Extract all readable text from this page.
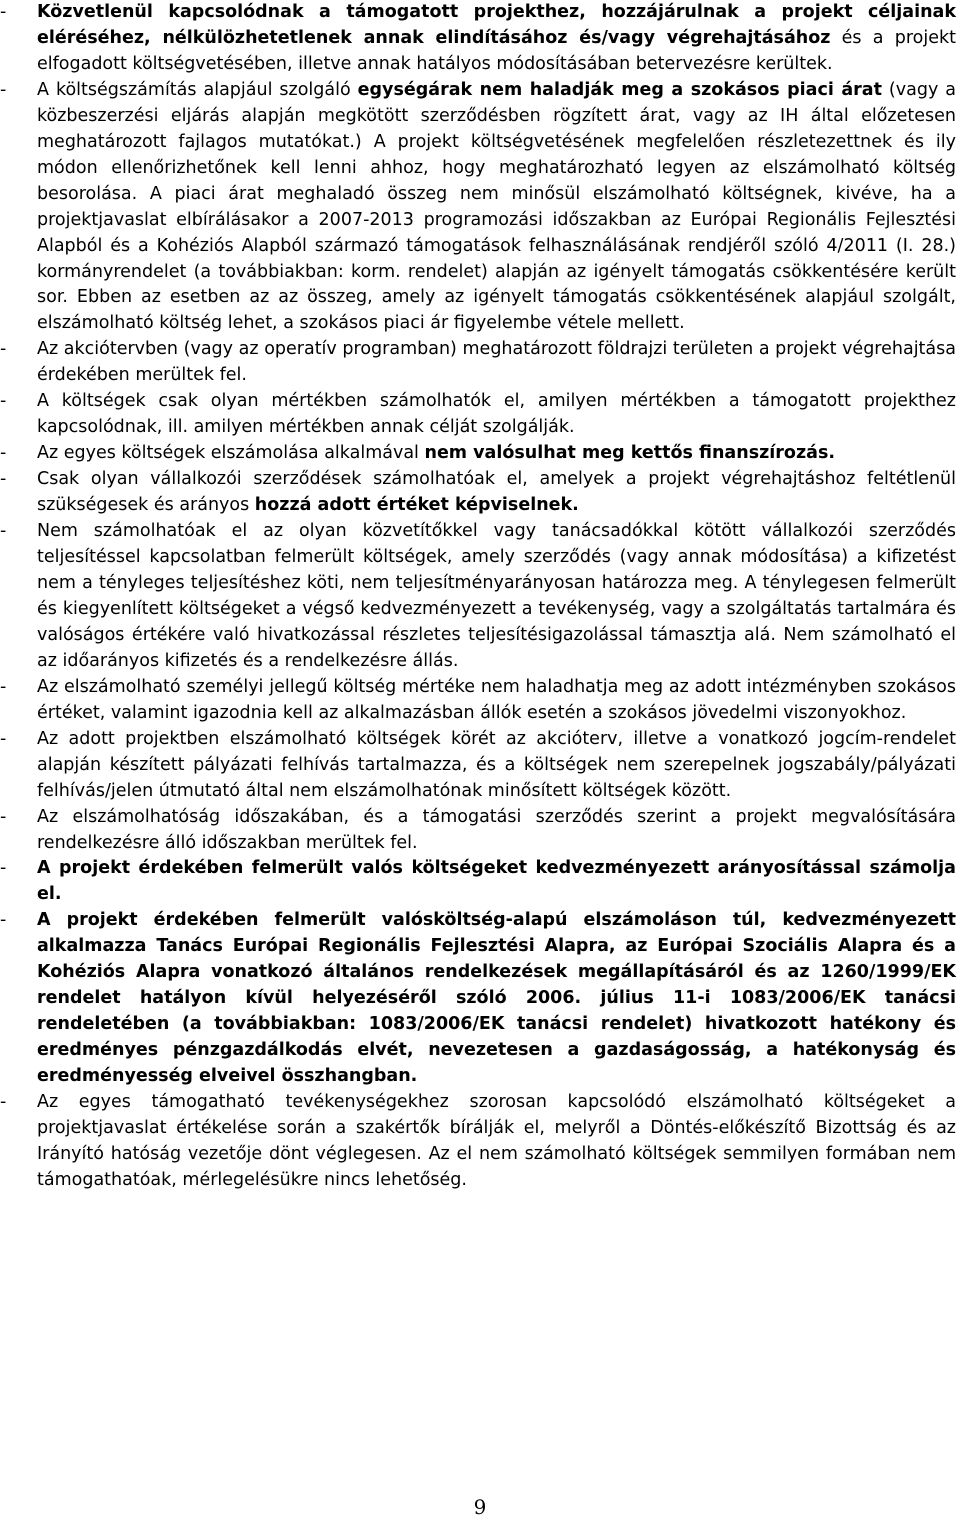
- Közvetlenül kapcsolódnak a támogatott projekthez, hozzájárulnak a projekt céljainak eléréséhez, nélkülözhetetlenek annak elindításához és/vagy végrehajtásához és a projekt elfogadott költségvetésében, illetve annak hatályos módosításában betervezésre kerültek.
- A költségszámítás alapjául szolgáló egységárak nem haladják meg a szokásos piaci árat (vagy a közbeszerzési eljárás alapján megkötött szerződésben rögzített árat, vagy az IH által előzetesen meghatározott fajlagos mutatókat.) A projekt költségvetésének megfelelően részletezettnek és ily módon ellenőrizhetőnek kell lenni ahhoz, hogy meghatározható legyen az elszámolható költség besorolása. A piaci árat meghaladó összeg nem minősül elszámolható költségnek, kivéve, ha a projektjavaslat elbírálásakor a 2007-2013 programozási időszakban az Európai Regionális Fejlesztési Alapból és a Kohéziós Alapból származó támogatások felhasználásának rendjéről szóló 4/2011 (I. 28.) kormányrendelet (a továbbiakban: korm. rendelet) alapján az igényelt támogatás csökkentésére került sor. Ebben az esetben az az összeg, amely az igényelt támogatás csökkentésének alapjául szolgált, elszámolható költség lehet, a szokásos piaci ár figyelembe vétele mellett.
- Az akciótervben (vagy az operatív programban) meghatározott földrajzi területen a projekt végrehajtása érdekében merültek fel.
- A költségek csak olyan mértékben számolhatók el, amilyen mértékben a támogatott projekthez kapcsolódnak, ill. amilyen mértékben annak célját szolgálják.
- Az egyes költségek elszámolása alkalmával nem valósulhat meg kettős finanszírozás.
- Csak olyan vállalkozói szerződések számolhatóak el, amelyek a projekt végrehajtáshoz feltétlenül szükségesek és arányos hozzá adott értéket képviselnek.
- Nem számolhatóak el az olyan közvetítőkkel vagy tanácsadókkal kötött vállalkozói szerződés teljesítéssel kapcsolatban felmerült költségek, amely szerződés (vagy annak módosítása) a kifizetést nem a tényleges teljesítéshez köti, nem teljesítményarányosan határozza meg. A ténylegesen felmerült és kiegyenlített költségeket a végső kedvezményezett a tevékenység, vagy a szolgáltatás tartalmára és valóságos értékére való hivatkozással részletes teljesítésigazolással támasztja alá. Nem számolható el az időarányos kifizetés és a rendelkezésre állás.
- Az elszámolható személyi jellegű költség mértéke nem haladhatja meg az adott intézményben szokásos értéket, valamint igazodnia kell az alkalmazásban állók esetén a szokásos jövedelmi viszonyokhoz.
- Az adott projektben elszámolható költségek körét az akcióterv, illetve a vonatkozó jogcím-rendelet alapján készített pályázati felhívás tartalmazza, és a költségek nem szerepelnek jogszabály/pályázati felhívás/jelen útmutató által nem elszámolhatónak minősített költségek között.
- Az elszámolhatóság időszakában, és a támogatási szerződés szerint a projekt megvalósítására rendelkezésre álló időszakban merültek fel.
- A projekt érdekében felmerült valós költségeket kedvezményezett arányosítással számolja el.
- A projekt érdekében felmerült valósköltség-alapú elszámoláson túl, kedvezményezett alkalmazza Tanács Európai Regionális Fejlesztési Alapra, az Európai Szociális Alapra és a Kohéziós Alapra vonatkozó általános rendelkezések megállapításáról és az 1260/1999/EK rendelet hatályon kívül helyezéséről szóló 2006. július 11-i 1083/2006/EK tanácsi rendeletében (a továbbiakban: 1083/2006/EK tanácsi rendelet) hivatkozott hatékony és eredményes pénzgazdálkodás elvét, nevezetesen a gazdaságosság, a hatékonyság és eredményesség elveivel összhangban.
- Az egyes támogatható tevékenységekhez szorosan kapcsolódó elszámolható költségeket a projektjavaslat értékelése során a szakértők bírálják el, melyről a Döntés-előkészítő Bizottság és az Irányító hatóság vezetője dönt véglegesen. Az el nem számolható költségek semmilyen formában nem támogathatóak, mérlegelésükre nincs lehetőség.
9
